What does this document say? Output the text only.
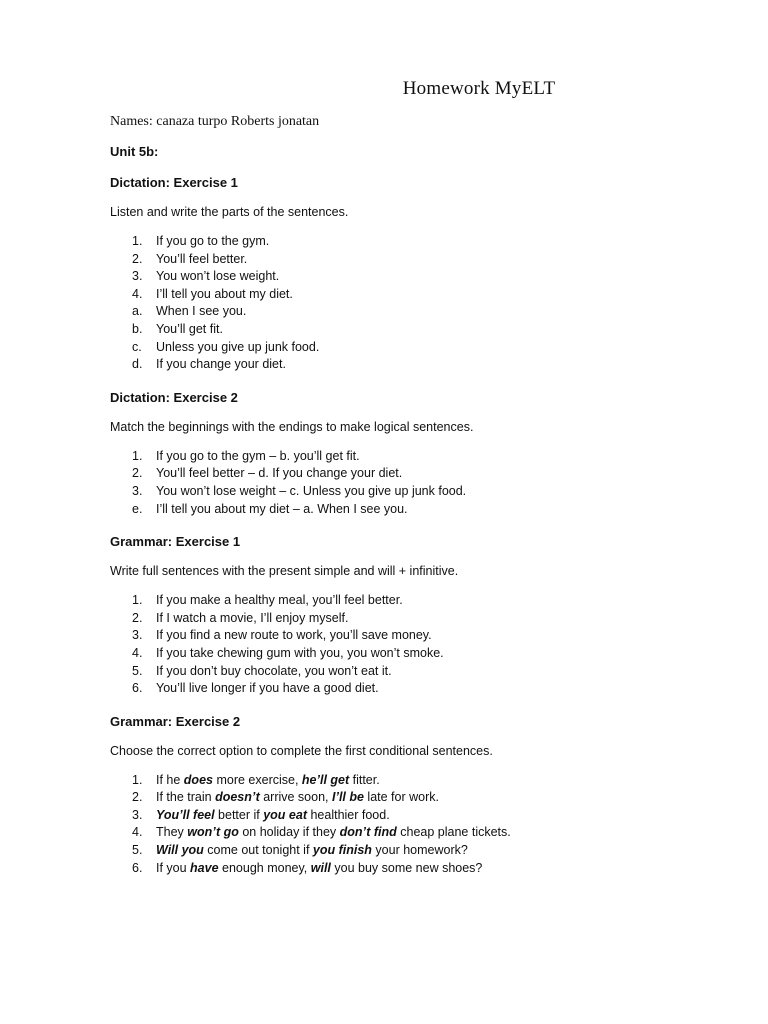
Homework MyELT
Names: canaza turpo Roberts jonatan
Unit 5b:
Dictation: Exercise 1
Listen and write the parts of the sentences.
1.	If you go to the gym.
2.	You’ll feel better.
3.	You won’t lose weight.
4.	I’ll tell you about my diet.
a.	When I see you.
b.	You’ll get fit.
c.	Unless you give up junk food.
d.	If you change your diet.
Dictation: Exercise 2
Match the beginnings with the endings to make logical sentences.
1.	If you go to the gym – b. you’ll get fit.
2.	You’ll feel better – d. If you change your diet.
3.	You won’t lose weight – c. Unless you give up junk food.
e.	I’ll tell you about my diet – a. When I see you.
Grammar: Exercise 1
Write full sentences with the present simple and will + infinitive.
1.	If you make a healthy meal, you’ll feel better.
2.	If I watch a movie, I’ll enjoy myself.
3.	If you find a new route to work, you’ll save money.
4.	If you take chewing gum with you, you won’t smoke.
5.	If you don’t buy chocolate, you won’t eat it.
6.	You’ll live longer if you have a good diet.
Grammar: Exercise 2
Choose the correct option to complete the first conditional sentences.
1.	If he does more exercise, he’ll get fitter.
2.	If the train doesn’t arrive soon, I’ll be late for work.
3.	You’ll feel better if you eat healthier food.
4.	They won’t go on holiday if they don’t find cheap plane tickets.
5.	Will you come out tonight if you finish your homework?
6.	If you have enough money, will you buy some new shoes?
